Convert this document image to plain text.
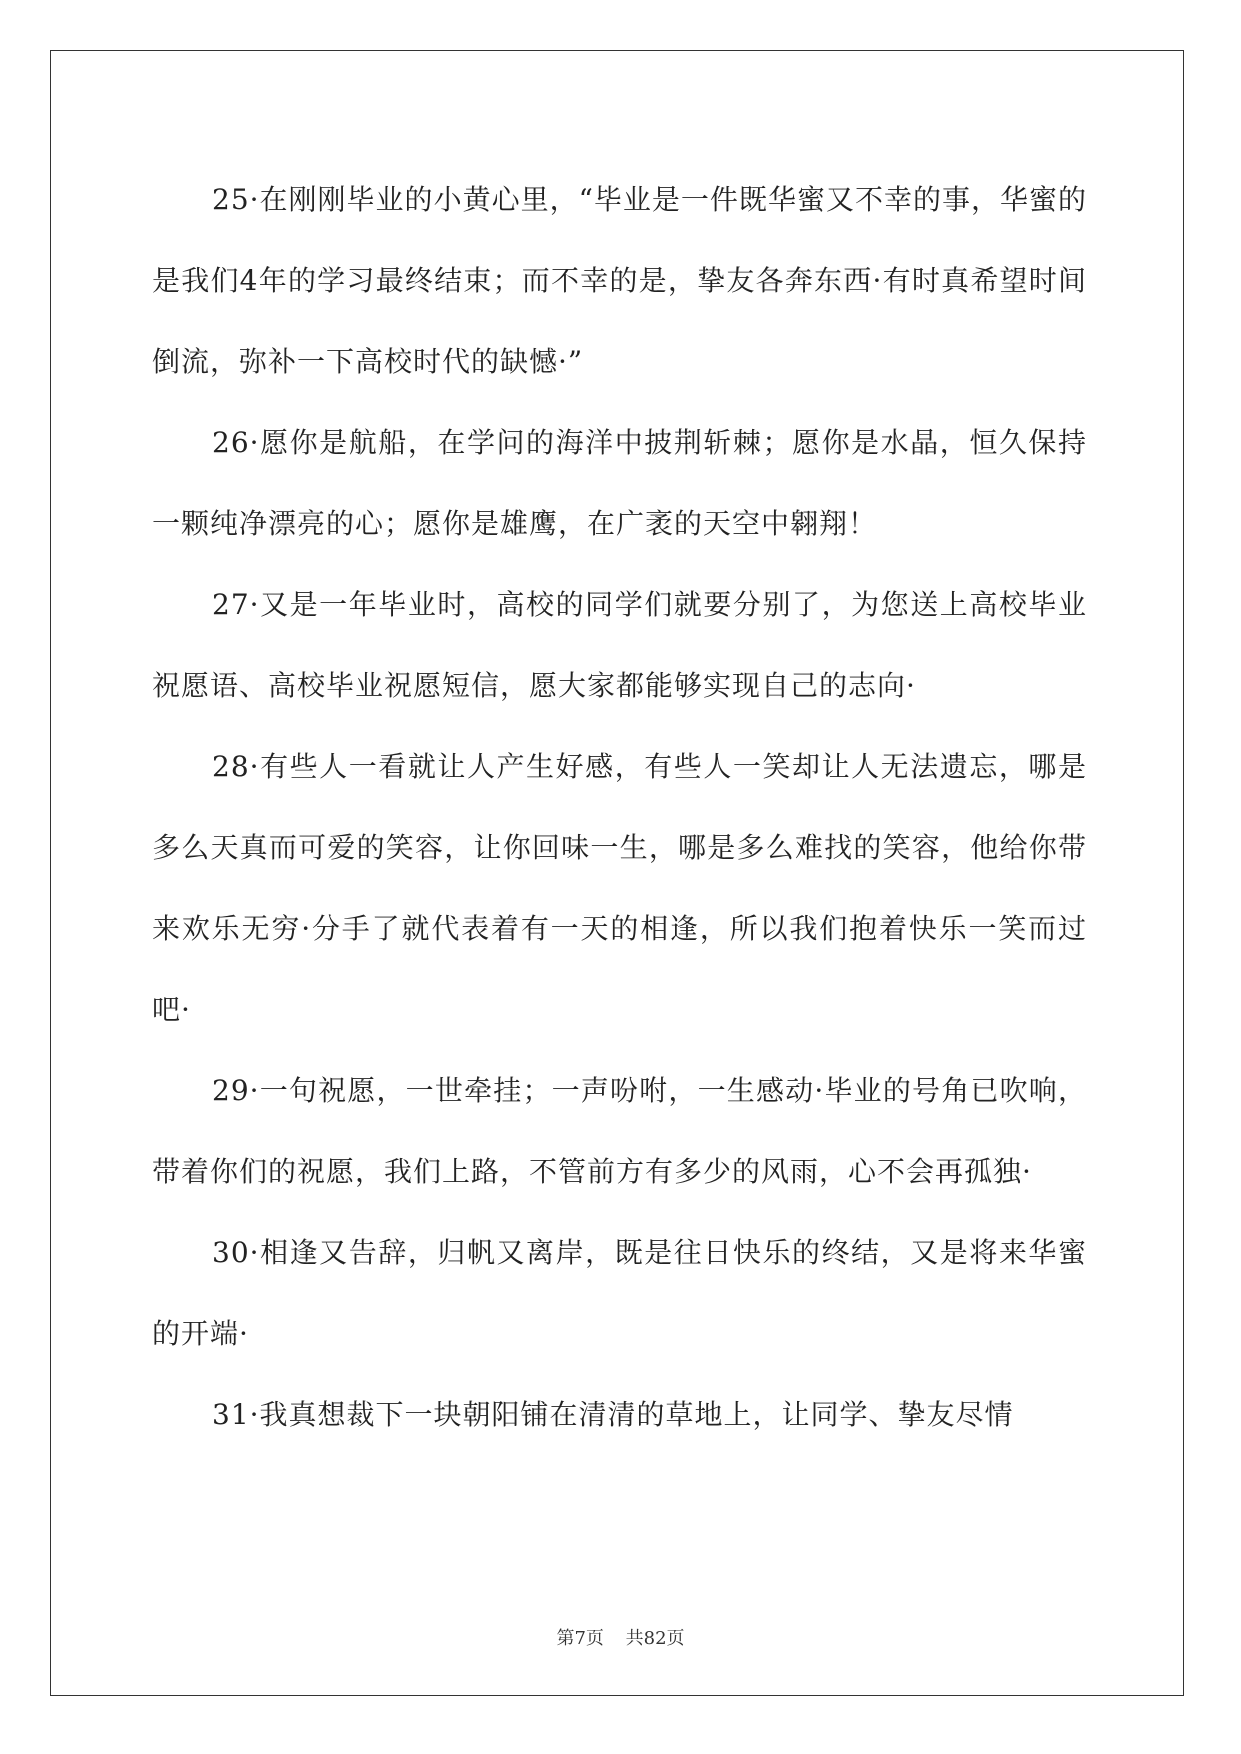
25·在刚刚毕业的小黄心里，“毕业是一件既华蜜又不幸的事，华蜜的是我们4年的学习最终结束；而不幸的是，挚友各奔东西·有时真希望时间倒流，弥补一下高校时代的缺憾·”

26·愿你是航船，在学问的海洋中披荆斩棘；愿你是水晶，恒久保持一颗纯净漂亮的心；愿你是雄鹰，在广袤的天空中翱翔！

27·又是一年毕业时，高校的同学们就要分别了，为您送上高校毕业祝愿语、高校毕业祝愿短信，愿大家都能够实现自己的志向·

28·有些人一看就让人产生好感，有些人一笑却让人无法遗忘，哪是多么天真而可爱的笑容，让你回味一生，哪是多么难找的笑容，他给你带来欢乐无穷·分手了就代表着有一天的相逢，所以我们抱着快乐一笑而过吧·

29·一句祝愿，一世牵挂；一声吩咐，一生感动·毕业的号角已吹响，带着你们的祝愿，我们上路，不管前方有多少的风雨，心不会再孤独·

30·相逢又告辞，归帆又离岸，既是往日快乐的终结，又是将来华蜜的开端·

31·我真想裁下一块朝阳铺在清清的草地上，让同学、挚友尽情

第7页 共82页
